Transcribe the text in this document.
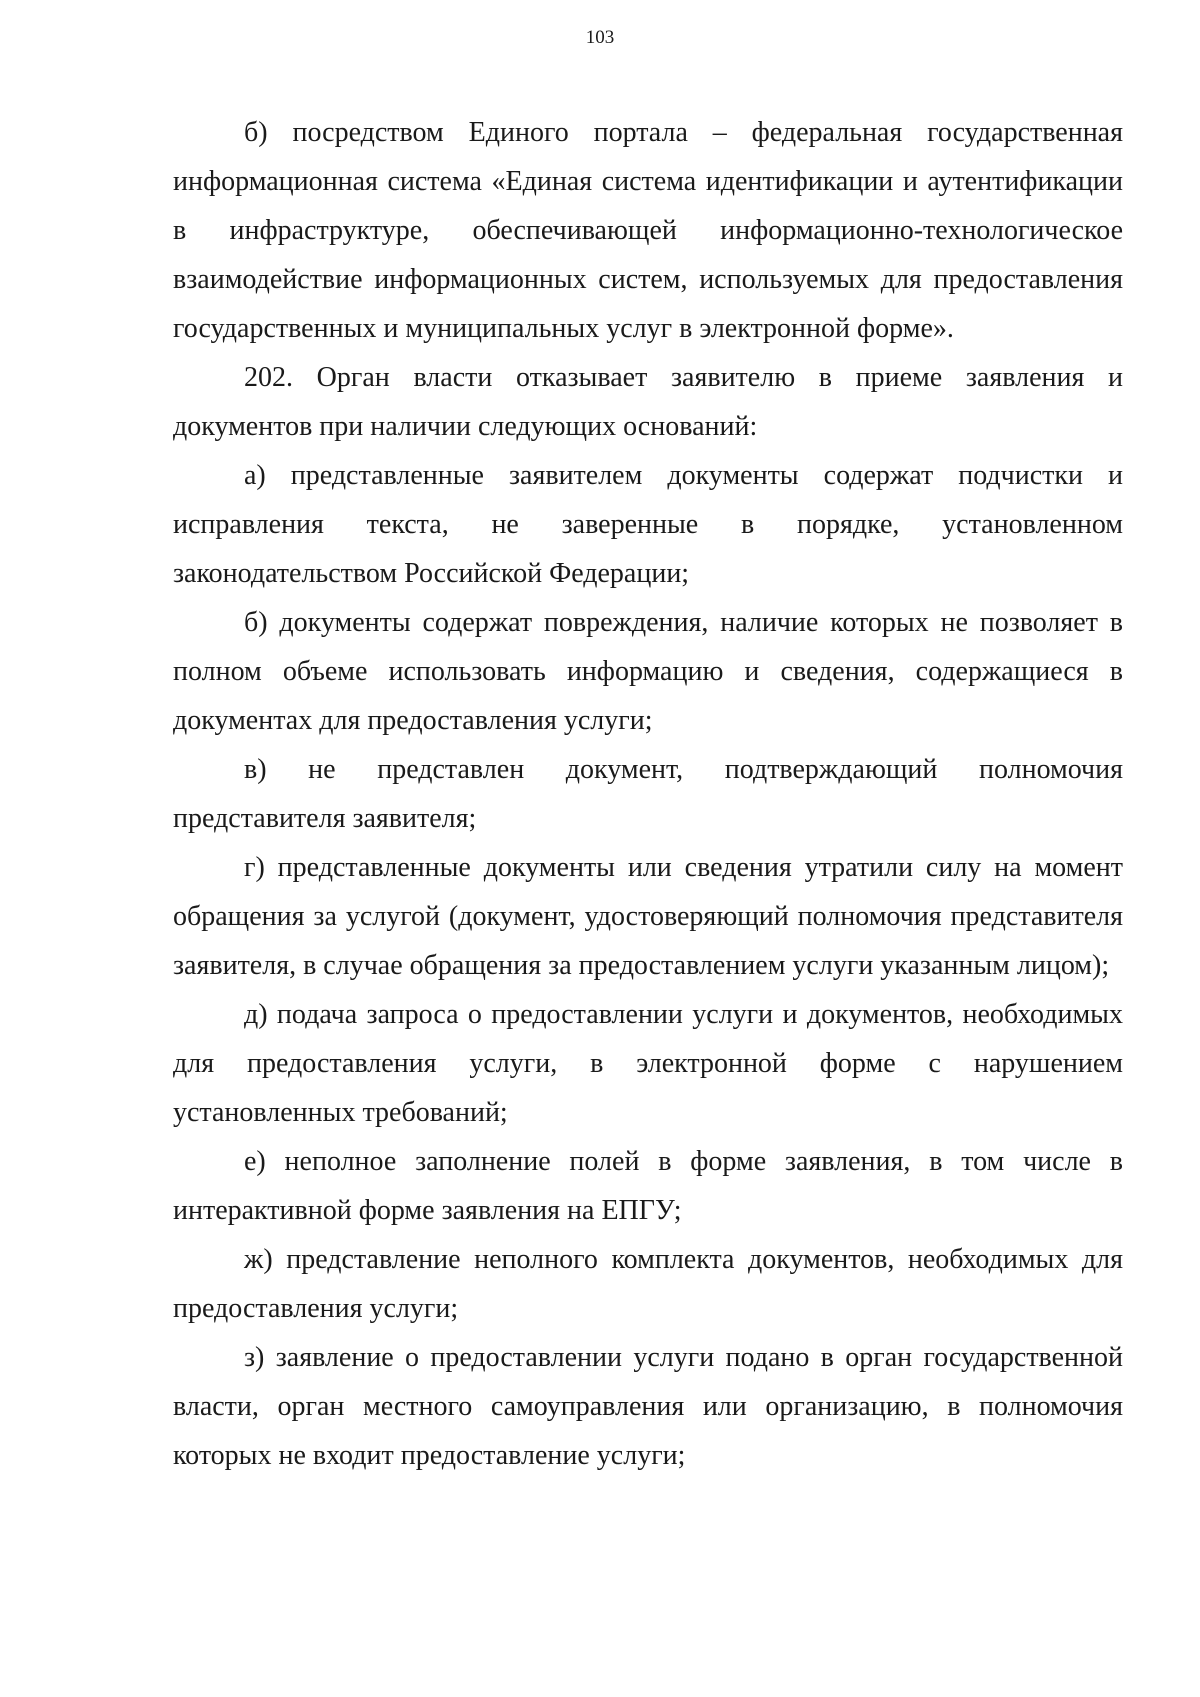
103

б) посредством Единого портала – федеральная государственная информационная система «Единая система идентификации и аутентификации в инфраструктуре, обеспечивающей информационно-технологическое взаимодействие информационных систем, используемых для предоставления государственных и муниципальных услуг в электронной форме».

202. Орган власти отказывает заявителю в приеме заявления и документов при наличии следующих оснований:

а) представленные заявителем документы содержат подчистки и исправления текста, не заверенные в порядке, установленном законодательством Российской Федерации;

б) документы содержат повреждения, наличие которых не позволяет в полном объеме использовать информацию и сведения, содержащиеся в документах для предоставления услуги;

в) не представлен документ, подтверждающий полномочия представителя заявителя;

г) представленные документы или сведения утратили силу на момент обращения за услугой (документ, удостоверяющий полномочия представителя заявителя, в случае обращения за предоставлением услуги указанным лицом);

д) подача запроса о предоставлении услуги и документов, необходимых для предоставления услуги, в электронной форме с нарушением установленных требований;

е) неполное заполнение полей в форме заявления, в том числе в интерактивной форме заявления на ЕПГУ;

ж) представление неполного комплекта документов, необходимых для предоставления услуги;

з) заявление о предоставлении услуги подано в орган государственной власти, орган местного самоуправления или организацию, в полномочия которых не входит предоставление услуги;
